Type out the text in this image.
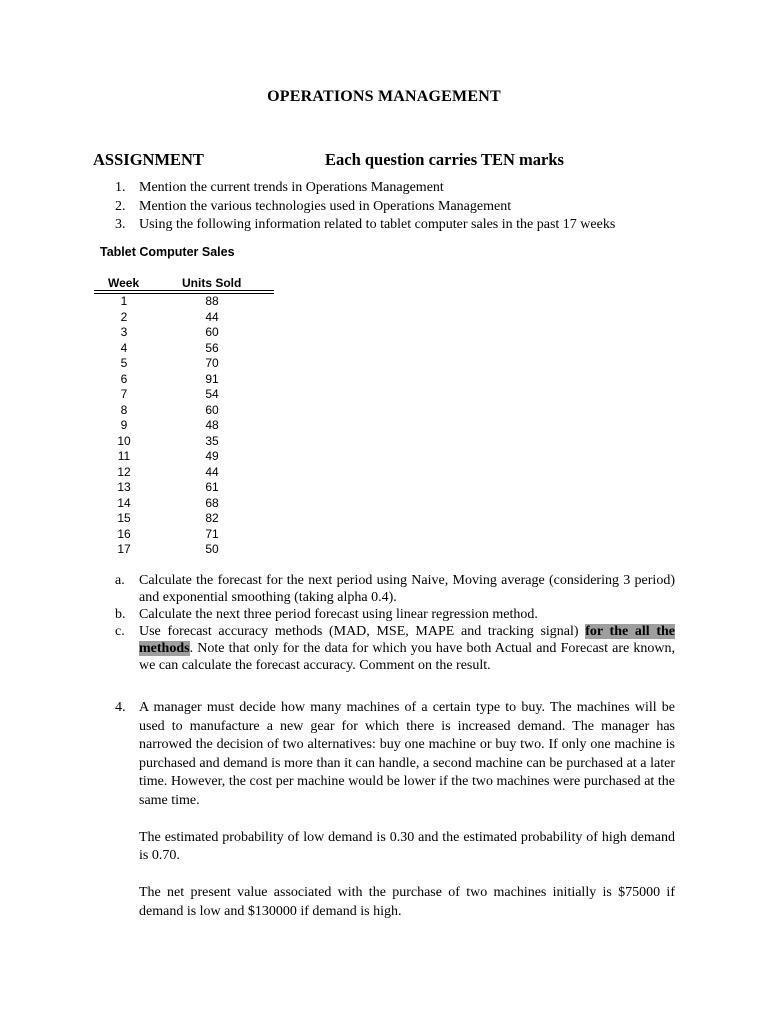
OPERATIONS MANAGEMENT
ASSIGNMENT	Each question carries TEN marks
1. Mention the current trends in Operations Management
2. Mention the various technologies used in Operations Management
3. Using the following information related to tablet computer sales in the past 17 weeks
Tablet Computer Sales
Week	Units Sold
1	88
2	44
3	60
4	56
5	70
6	91
7	54
8	60
9	48
10	35
11	49
12	44
13	61
14	68
15	82
16	71
17	50
a. Calculate the forecast for the next period using Naive, Moving average (considering 3 period) and exponential smoothing (taking alpha 0.4).
b. Calculate the next three period forecast using linear regression method.
c. Use forecast accuracy methods (MAD, MSE, MAPE and tracking signal) for the all the methods. Note that only for the data for which you have both Actual and Forecast are known, we can calculate the forecast accuracy. Comment on the result.
4. A manager must decide how many machines of a certain type to buy. The machines will be used to manufacture a new gear for which there is increased demand. The manager has narrowed the decision of two alternatives: buy one machine or buy two. If only one machine is purchased and demand is more than it can handle, a second machine can be purchased at a later time. However, the cost per machine would be lower if the two machines were purchased at the same time.

The estimated probability of low demand is 0.30 and the estimated probability of high demand is 0.70.

The net present value associated with the purchase of two machines initially is $75000 if demand is low and $130000 if demand is high.
